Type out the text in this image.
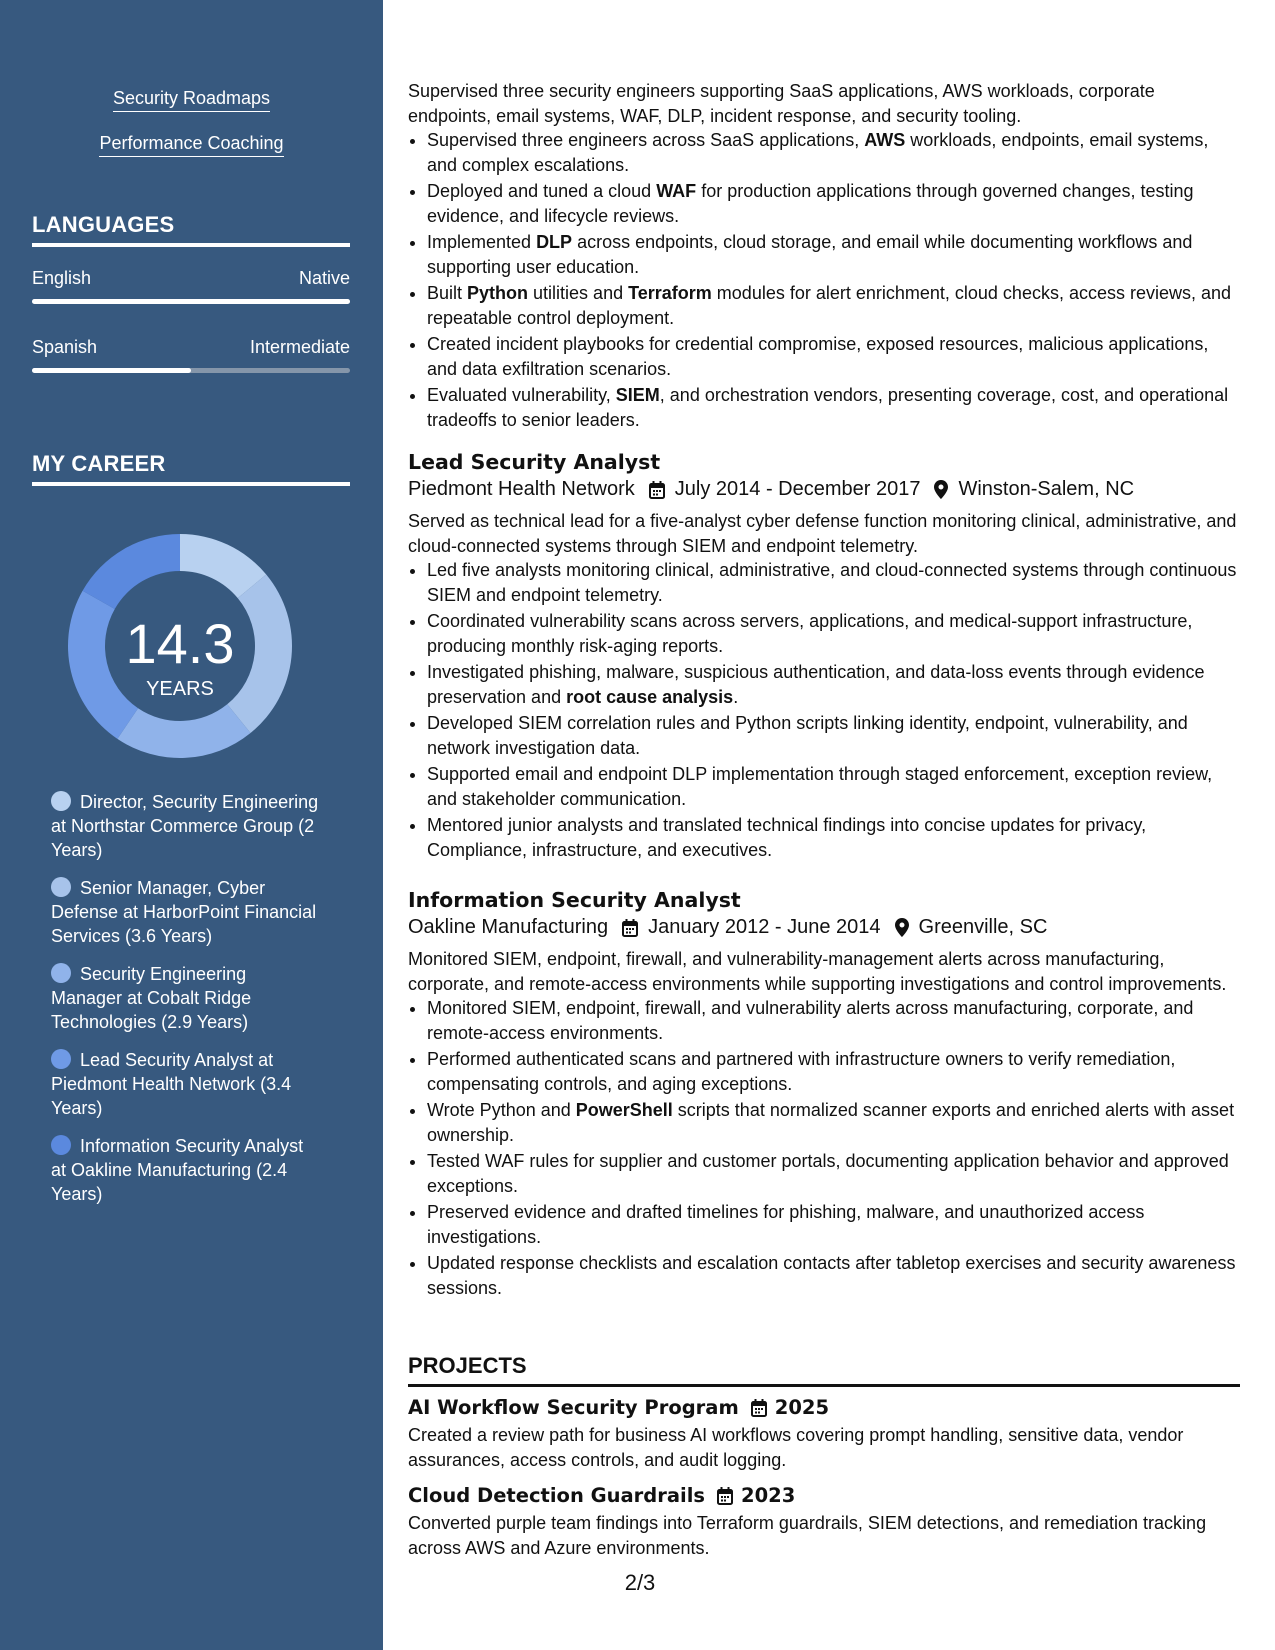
Security Roadmaps
Performance Coaching
LANGUAGES
English	Native
Spanish	Intermediate
MY CAREER
14.3
YEARS
Director, Security Engineering at Northstar Commerce Group (2 Years)
Senior Manager, Cyber Defense at HarborPoint Financial Services (3.6 Years)
Security Engineering Manager at Cobalt Ridge Technologies (2.9 Years)
Lead Security Analyst at Piedmont Health Network (3.4 Years)
Information Security Analyst at Oakline Manufacturing (2.4 Years)

Supervised three security engineers supporting SaaS applications, AWS workloads, corporate endpoints, email systems, WAF, DLP, incident response, and security tooling.

• Supervised three engineers across SaaS applications, AWS workloads, endpoints, email systems, and complex escalations.
• Deployed and tuned a cloud WAF for production applications through governed changes, testing evidence, and lifecycle reviews.
• Implemented DLP across endpoints, cloud storage, and email while documenting workflows and supporting user education.
• Built Python utilities and Terraform modules for alert enrichment, cloud checks, access reviews, and repeatable control deployment.
• Created incident playbooks for credential compromise, exposed resources, malicious applications, and data exfiltration scenarios.
• Evaluated vulnerability, SIEM, and orchestration vendors, presenting coverage, cost, and operational tradeoffs to senior leaders.
Lead Security Analyst
Piedmont Health Network July 2014 - December 2017 Winston-Salem, NC

Served as technical lead for a five-analyst cyber defense function monitoring clinical, administrative, and cloud-connected systems through SIEM and endpoint telemetry.

• Led five analysts monitoring clinical, administrative, and cloud-connected systems through continuous SIEM and endpoint telemetry.
• Coordinated vulnerability scans across servers, applications, and medical-support infrastructure, producing monthly risk-aging reports.
• Investigated phishing, malware, suspicious authentication, and data-loss events through evidence preservation and root cause analysis.
• Developed SIEM correlation rules and Python scripts linking identity, endpoint, vulnerability, and network investigation data.
• Supported email and endpoint DLP implementation through staged enforcement, exception review, and stakeholder communication.
• Mentored junior analysts and translated technical findings into concise updates for privacy, Compliance, infrastructure, and executives.
Information Security Analyst
Oakline Manufacturing January 2012 - June 2014 Greenville, SC

Monitored SIEM, endpoint, firewall, and vulnerability-management alerts across manufacturing, corporate, and remote-access environments while supporting investigations and control improvements.

• Monitored SIEM, endpoint, firewall, and vulnerability alerts across manufacturing, corporate, and remote-access environments.
• Performed authenticated scans and partnered with infrastructure owners to verify remediation, compensating controls, and aging exceptions.
• Wrote Python and PowerShell scripts that normalized scanner exports and enriched alerts with asset ownership.
• Tested WAF rules for supplier and customer portals, documenting application behavior and approved exceptions.
• Preserved evidence and drafted timelines for phishing, malware, and unauthorized access investigations.
• Updated response checklists and escalation contacts after tabletop exercises and security awareness sessions.
PROJECTS
AI Workflow Security Program 2025

Created a review path for business AI workflows covering prompt handling, sensitive data, vendor assurances, access controls, and audit logging.

Cloud Detection Guardrails 2023

Converted purple team findings into Terraform guardrails, SIEM detections, and remediation tracking across AWS and Azure environments.

2/3
